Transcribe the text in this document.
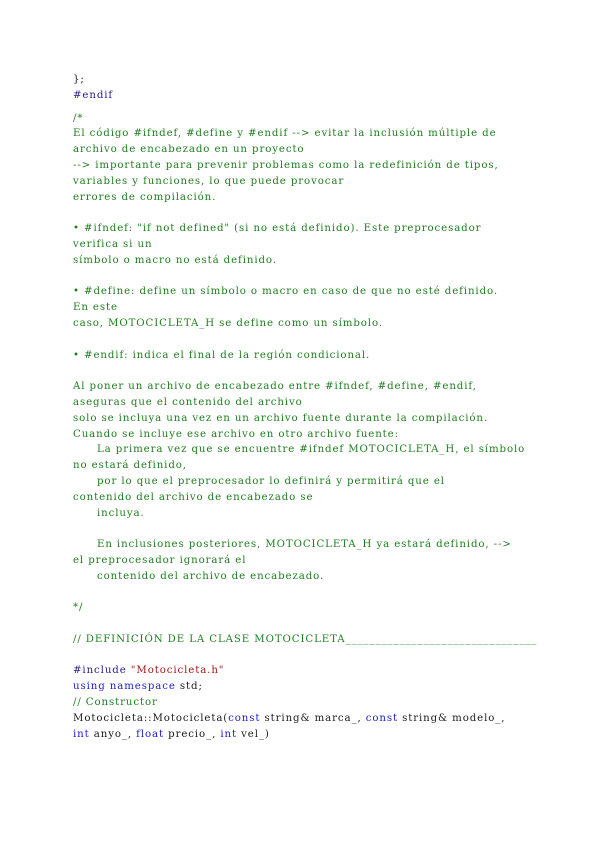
};
#endif
/*
El código #ifndef, #define y #endif --> evitar la inclusión múltiple de
archivo de encabezado en un proyecto
--> importante para prevenir problemas como la redefinición de tipos,
variables y funciones, lo que puede provocar
errores de compilación.
• #ifndef: "if not defined" (si no está definido). Este preprocesador
verifica si un
símbolo o macro no está definido.
• #define: define un símbolo o macro en caso de que no esté definido.
En este
caso, MOTOCICLETA_H se define como un símbolo.
• #endif: indica el final de la región condicional.
Al poner un archivo de encabezado entre #ifndef, #define, #endif,
aseguras que el contenido del archivo
solo se incluya una vez en un archivo fuente durante la compilación.
Cuando se incluye ese archivo en otro archivo fuente:
La primera vez que se encuentre #ifndef MOTOCICLETA_H, el símbolo
no estará definido,
por lo que el preprocesador lo definirá y permitirá que el
contenido del archivo de encabezado se
incluya.
En inclusiones posteriores, MOTOCICLETA_H ya estará definido, -->
el preprocesador ignorará el
contenido del archivo de encabezado.
*/
// DEFINICIÓN DE LA CLASE MOTOCICLETA________________________________
#include "Motocicleta.h"
using namespace std;
// Constructor
Motocicleta::Motocicleta(const string& marca_, const string& modelo_,
int anyo_, float precio_, int vel_)
